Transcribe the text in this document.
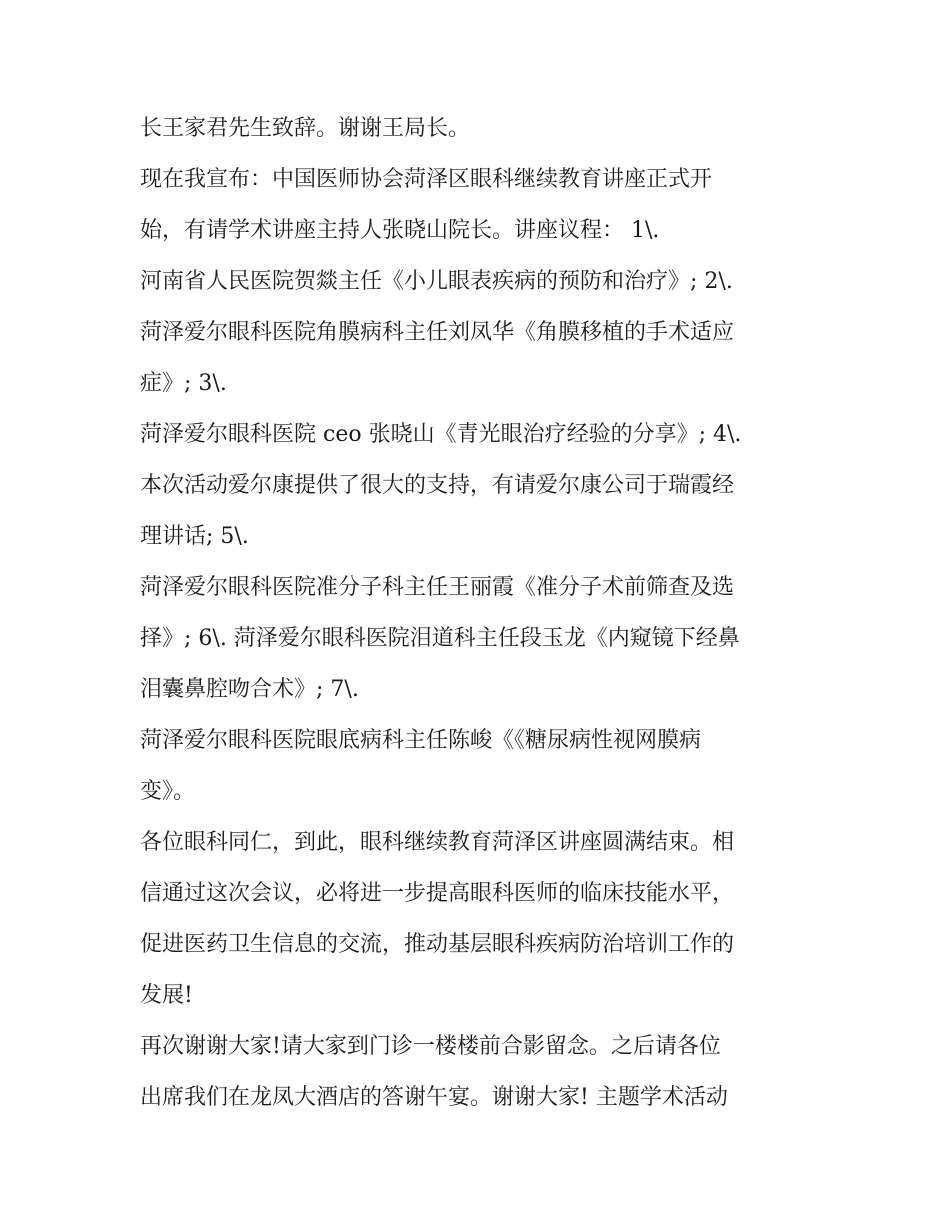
长王家君先生致辞。谢谢王局长。
现在我宣布：中国医师协会菏泽区眼科继续教育讲座正式开
始，有请学术讲座主持人张晓山院长。讲座议程： 1\.
河南省人民医院贺燚主任《小儿眼表疾病的预防和治疗》; 2\.
菏泽爱尔眼科医院角膜病科主任刘凤华《角膜移植的手术适应
症》; 3\.
菏泽爱尔眼科医院 ceo 张晓山《青光眼治疗经验的分享》; 4\.
本次活动爱尔康提供了很大的支持，有请爱尔康公司于瑞霞经
理讲话; 5\.
菏泽爱尔眼科医院准分子科主任王丽霞《准分子术前筛查及选
择》; 6\. 菏泽爱尔眼科医院泪道科主任段玉龙《内窥镜下经鼻
泪囊鼻腔吻合术》; 7\.
菏泽爱尔眼科医院眼底病科主任陈峻《《糖尿病性视网膜病
变》。
各位眼科同仁，到此，眼科继续教育菏泽区讲座圆满结束。相
信通过这次会议，必将进一步提高眼科医师的临床技能水平，
促进医药卫生信息的交流，推动基层眼科疾病防治培训工作的
发展!
再次谢谢大家!请大家到门诊一楼楼前合影留念。之后请各位
出席我们在龙凤大酒店的答谢午宴。谢谢大家! 主题学术活动
